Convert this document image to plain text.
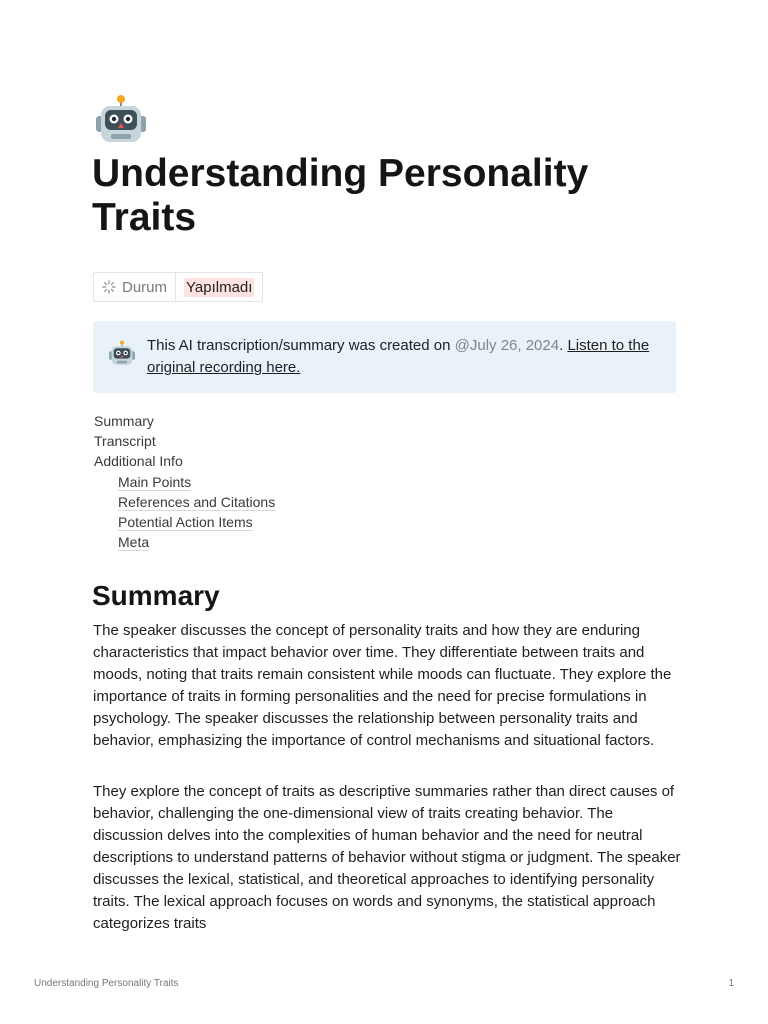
Understanding Personality Traits
Durum Yapılmadı
This AI transcription/summary was created on @July 26, 2024. Listen to the original recording here.
Summary
Transcript
Additional Info
Main Points
References and Citations
Potential Action Items
Meta
Summary

The speaker discusses the concept of personality traits and how they are enduring characteristics that impact behavior over time. They differentiate between traits and moods, noting that traits remain consistent while moods can fluctuate. They explore the importance of traits in forming personalities and the need for precise formulations in psychology. The speaker discusses the relationship between personality traits and behavior, emphasizing the importance of control mechanisms and situational factors.

They explore the concept of traits as descriptive summaries rather than direct causes of behavior, challenging the one-dimensional view of traits creating behavior. The discussion delves into the complexities of human behavior and the need for neutral descriptions to understand patterns of behavior without stigma or judgment. The speaker discusses the lexical, statistical, and theoretical approaches to identifying personality traits. The lexical approach focuses on words and synonyms, the statistical approach categorizes traits

Understanding Personality Traits	1
